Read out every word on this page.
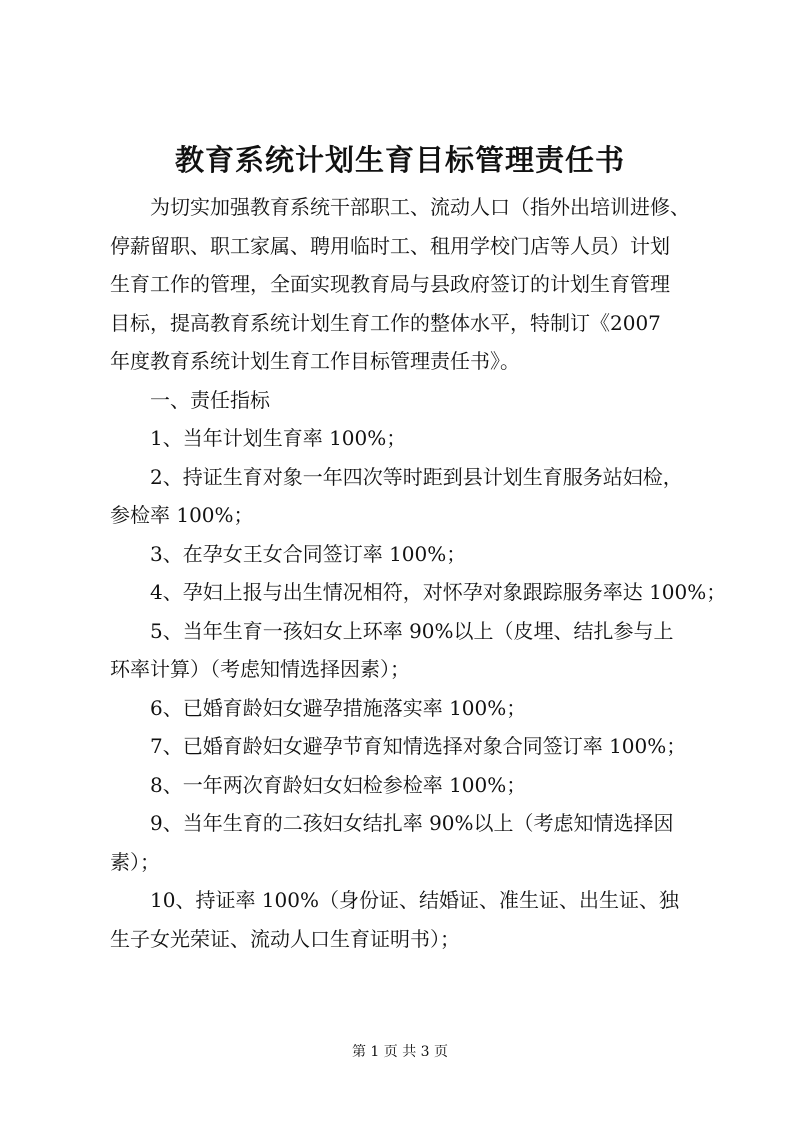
教育系统计划生育目标管理责任书
为切实加强教育系统干部职工、流动人口（指外出培训进修、
停薪留职、职工家属、聘用临时工、租用学校门店等人员）计划
生育工作的管理，全面实现教育局与县政府签订的计划生育管理
目标，提高教育系统计划生育工作的整体水平，特制订《2007
年度教育系统计划生育工作目标管理责任书》。
一、责任指标
1、当年计划生育率 100%；
2、持证生育对象一年四次等时距到县计划生育服务站妇检，
参检率 100%；
3、在孕女王女合同签订率 100%；
4、孕妇上报与出生情况相符，对怀孕对象跟踪服务率达 100%；
5、当年生育一孩妇女上环率 90%以上（皮埋、结扎参与上
环率计算）（考虑知情选择因素）；
6、已婚育龄妇女避孕措施落实率 100%；
7、已婚育龄妇女避孕节育知情选择对象合同签订率 100%；
8、一年两次育龄妇女妇检参检率 100%；
9、当年生育的二孩妇女结扎率 90%以上（考虑知情选择因
素）；
10、持证率 100%（身份证、结婚证、准生证、出生证、独
生子女光荣证、流动人口生育证明书）；
第 1 页 共 3 页
